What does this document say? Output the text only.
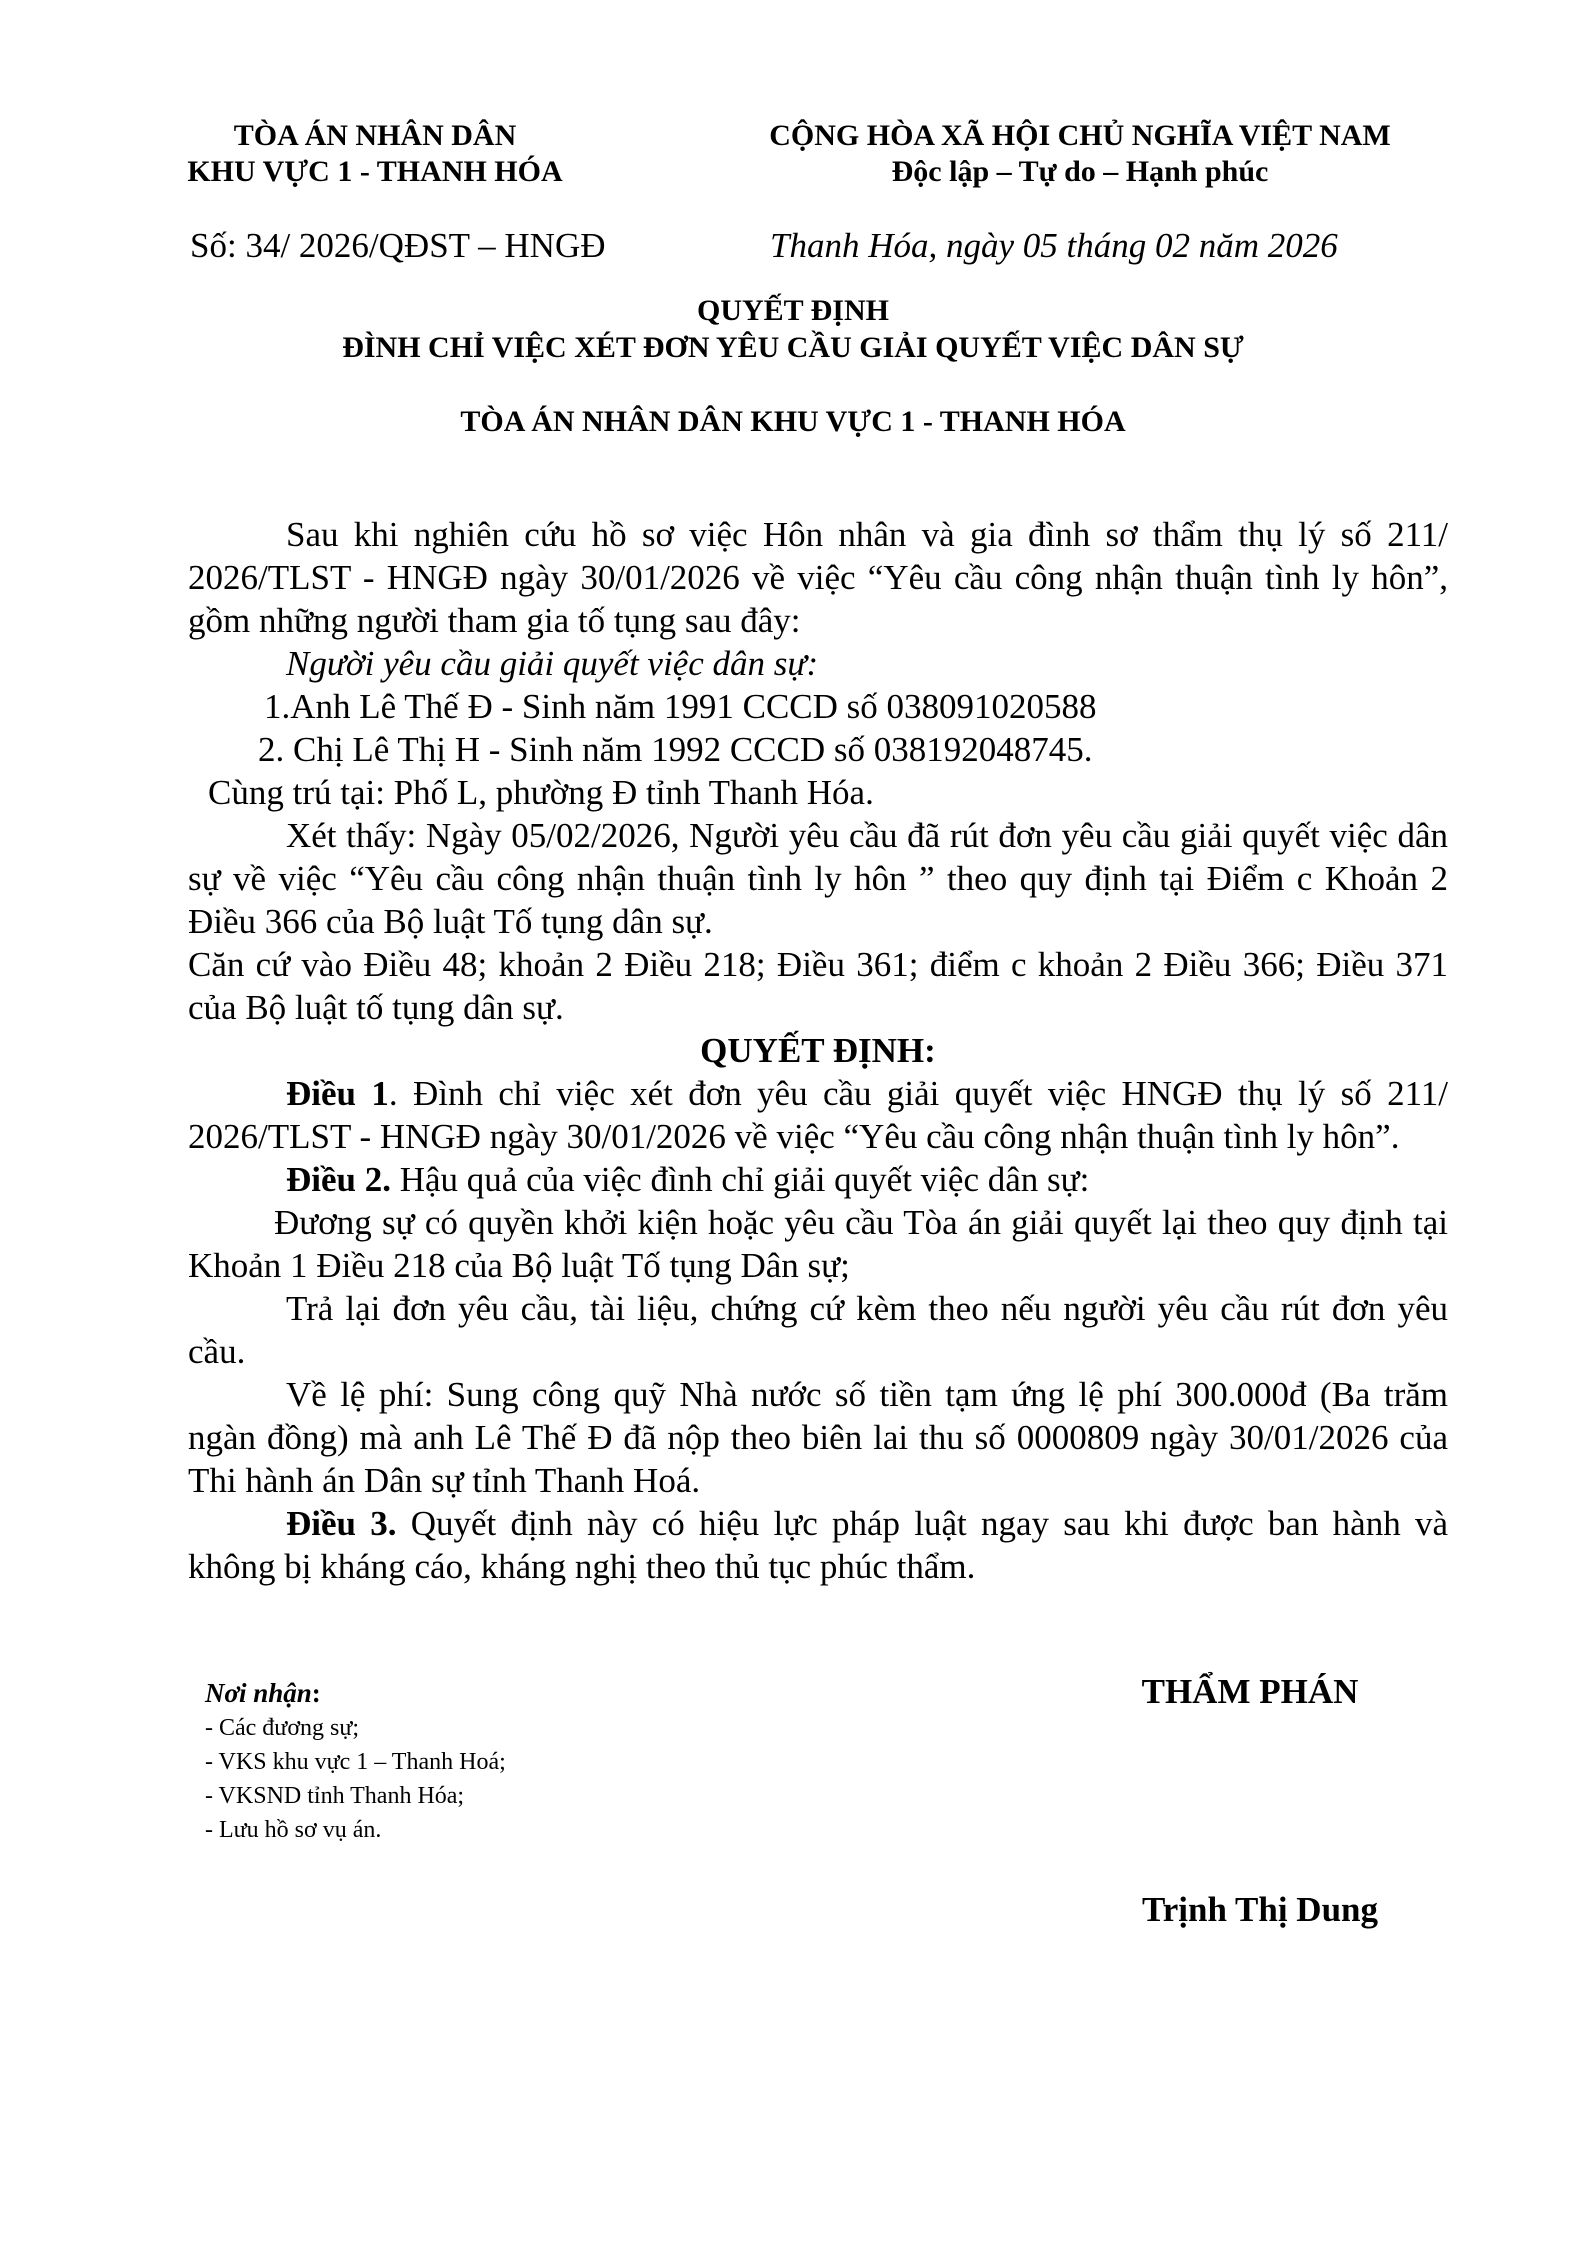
TÒA ÁN NHÂN DÂN
KHU VỰC 1 - THANH HÓA
CỘNG HÒA XÃ HỘI CHỦ NGHĨA VIỆT NAM
Độc lập – Tự do – Hạnh phúc
Số: 34/ 2026/QĐST – HNGĐ	Thanh Hóa, ngày 05 tháng 02 năm 2026
QUYẾT ĐỊNH
ĐÌNH CHỈ VIỆC XÉT ĐƠN YÊU CẦU GIẢI QUYẾT VIỆC DÂN SỰ
TÒA ÁN NHÂN DÂN KHU VỰC 1 - THANH HÓA

Sau khi nghiên cứu hồ sơ việc Hôn nhân và gia đình sơ thẩm thụ lý số 211/ 2026/TLST - HNGĐ ngày 30/01/2026 về việc “Yêu cầu công nhận thuận tình ly hôn”, gồm những người tham gia tố tụng sau đây:

Người yêu cầu giải quyết việc dân sự:

1.Anh Lê Thế Đ - Sinh năm 1991 CCCD số 038091020588

2. Chị Lê Thị H - Sinh năm 1992 CCCD số 038192048745.

Cùng trú tại: Phố L, phường Đ tỉnh Thanh Hóa.

Xét thấy: Ngày 05/02/2026, Người yêu cầu đã rút đơn yêu cầu giải quyết việc dân sự về việc “Yêu cầu công nhận thuận tình ly hôn ” theo quy định tại Điểm c Khoản 2 Điều 366 của Bộ luật Tố tụng dân sự.

Căn cứ vào Điều 48; khoản 2 Điều 218; Điều 361; điểm c khoản 2 Điều 366; Điều 371 của Bộ luật tố tụng dân sự.

QUYẾT ĐỊNH:

Điều 1. Đình chỉ việc xét đơn yêu cầu giải quyết việc HNGĐ thụ lý số 211/ 2026/TLST - HNGĐ ngày 30/01/2026 về việc “Yêu cầu công nhận thuận tình ly hôn”.

Điều 2. Hậu quả của việc đình chỉ giải quyết việc dân sự:

Đương sự có quyền khởi kiện hoặc yêu cầu Tòa án giải quyết lại theo quy định tại Khoản 1 Điều 218 của Bộ luật Tố tụng Dân sự;

Trả lại đơn yêu cầu, tài liệu, chứng cứ kèm theo nếu người yêu cầu rút đơn yêu cầu.

Về lệ phí: Sung công quỹ Nhà nước số tiền tạm ứng lệ phí 300.000đ (Ba trăm ngàn đồng) mà anh Lê Thế Đ đã nộp theo biên lai thu số 0000809 ngày 30/01/2026 của Thi hành án Dân sự tỉnh Thanh Hoá.

Điều 3. Quyết định này có hiệu lực pháp luật ngay sau khi được ban hành và không bị kháng cáo, kháng nghị theo thủ tục phúc thẩm.

Nơi nhận:
- Các đương sự;
- VKS khu vực 1 – Thanh Hoá;
- VKSND tỉnh Thanh Hóa;
- Lưu hồ sơ vụ án.
THẨM PHÁN
Trịnh Thị Dung
